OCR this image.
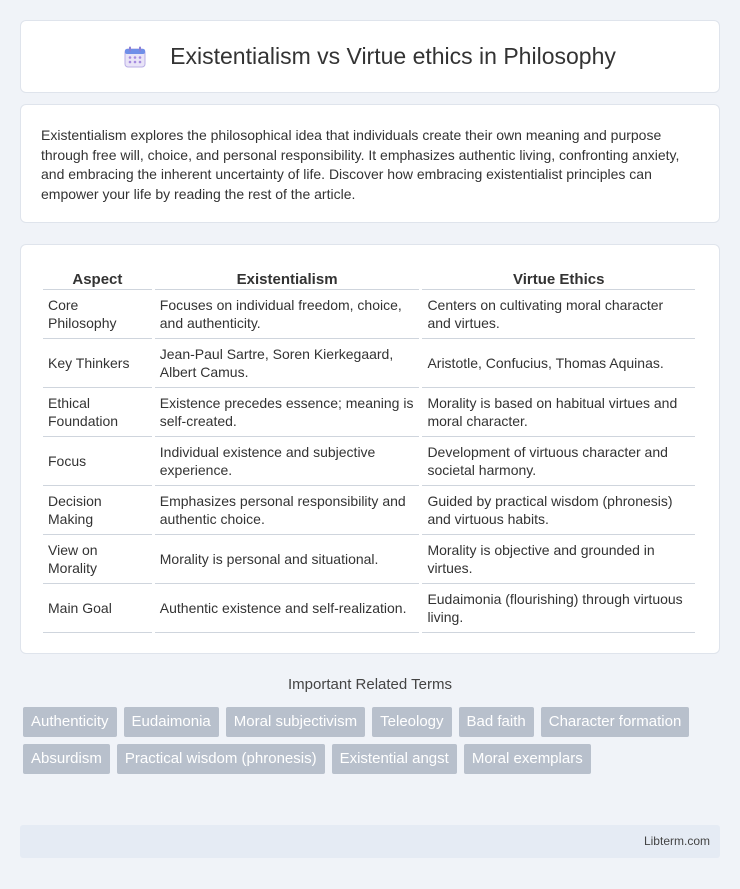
Existentialism vs Virtue ethics in Philosophy

Existentialism explores the philosophical idea that individuals create their own meaning and purpose through free will, choice, and personal responsibility. It emphasizes authentic living, confronting anxiety, and embracing the inherent uncertainty of life. Discover how embracing existentialist principles can empower your life by reading the rest of the article.

Aspect	Existentialism	Virtue Ethics
Core Philosophy	Focuses on individual freedom, choice, and authenticity.	Centers on cultivating moral character and virtues.
Key Thinkers	Jean-Paul Sartre, Soren Kierkegaard, Albert Camus.	Aristotle, Confucius, Thomas Aquinas.
Ethical Foundation	Existence precedes essence; meaning is self-created.	Morality is based on habitual virtues and moral character.
Focus	Individual existence and subjective experience.	Development of virtuous character and societal harmony.
Decision Making	Emphasizes personal responsibility and authentic choice.	Guided by practical wisdom (phronesis) and virtuous habits.
View on Morality	Morality is personal and situational.	Morality is objective and grounded in virtues.
Main Goal	Authentic existence and self-realization.	Eudaimonia (flourishing) through virtuous living.
Important Related Terms
Authenticity	Eudaimonia	Moral subjectivism	Teleology	Bad faith	Character formation
Absurdism	Practical wisdom (phronesis)	Existential angst	Moral exemplars
Libterm.com
